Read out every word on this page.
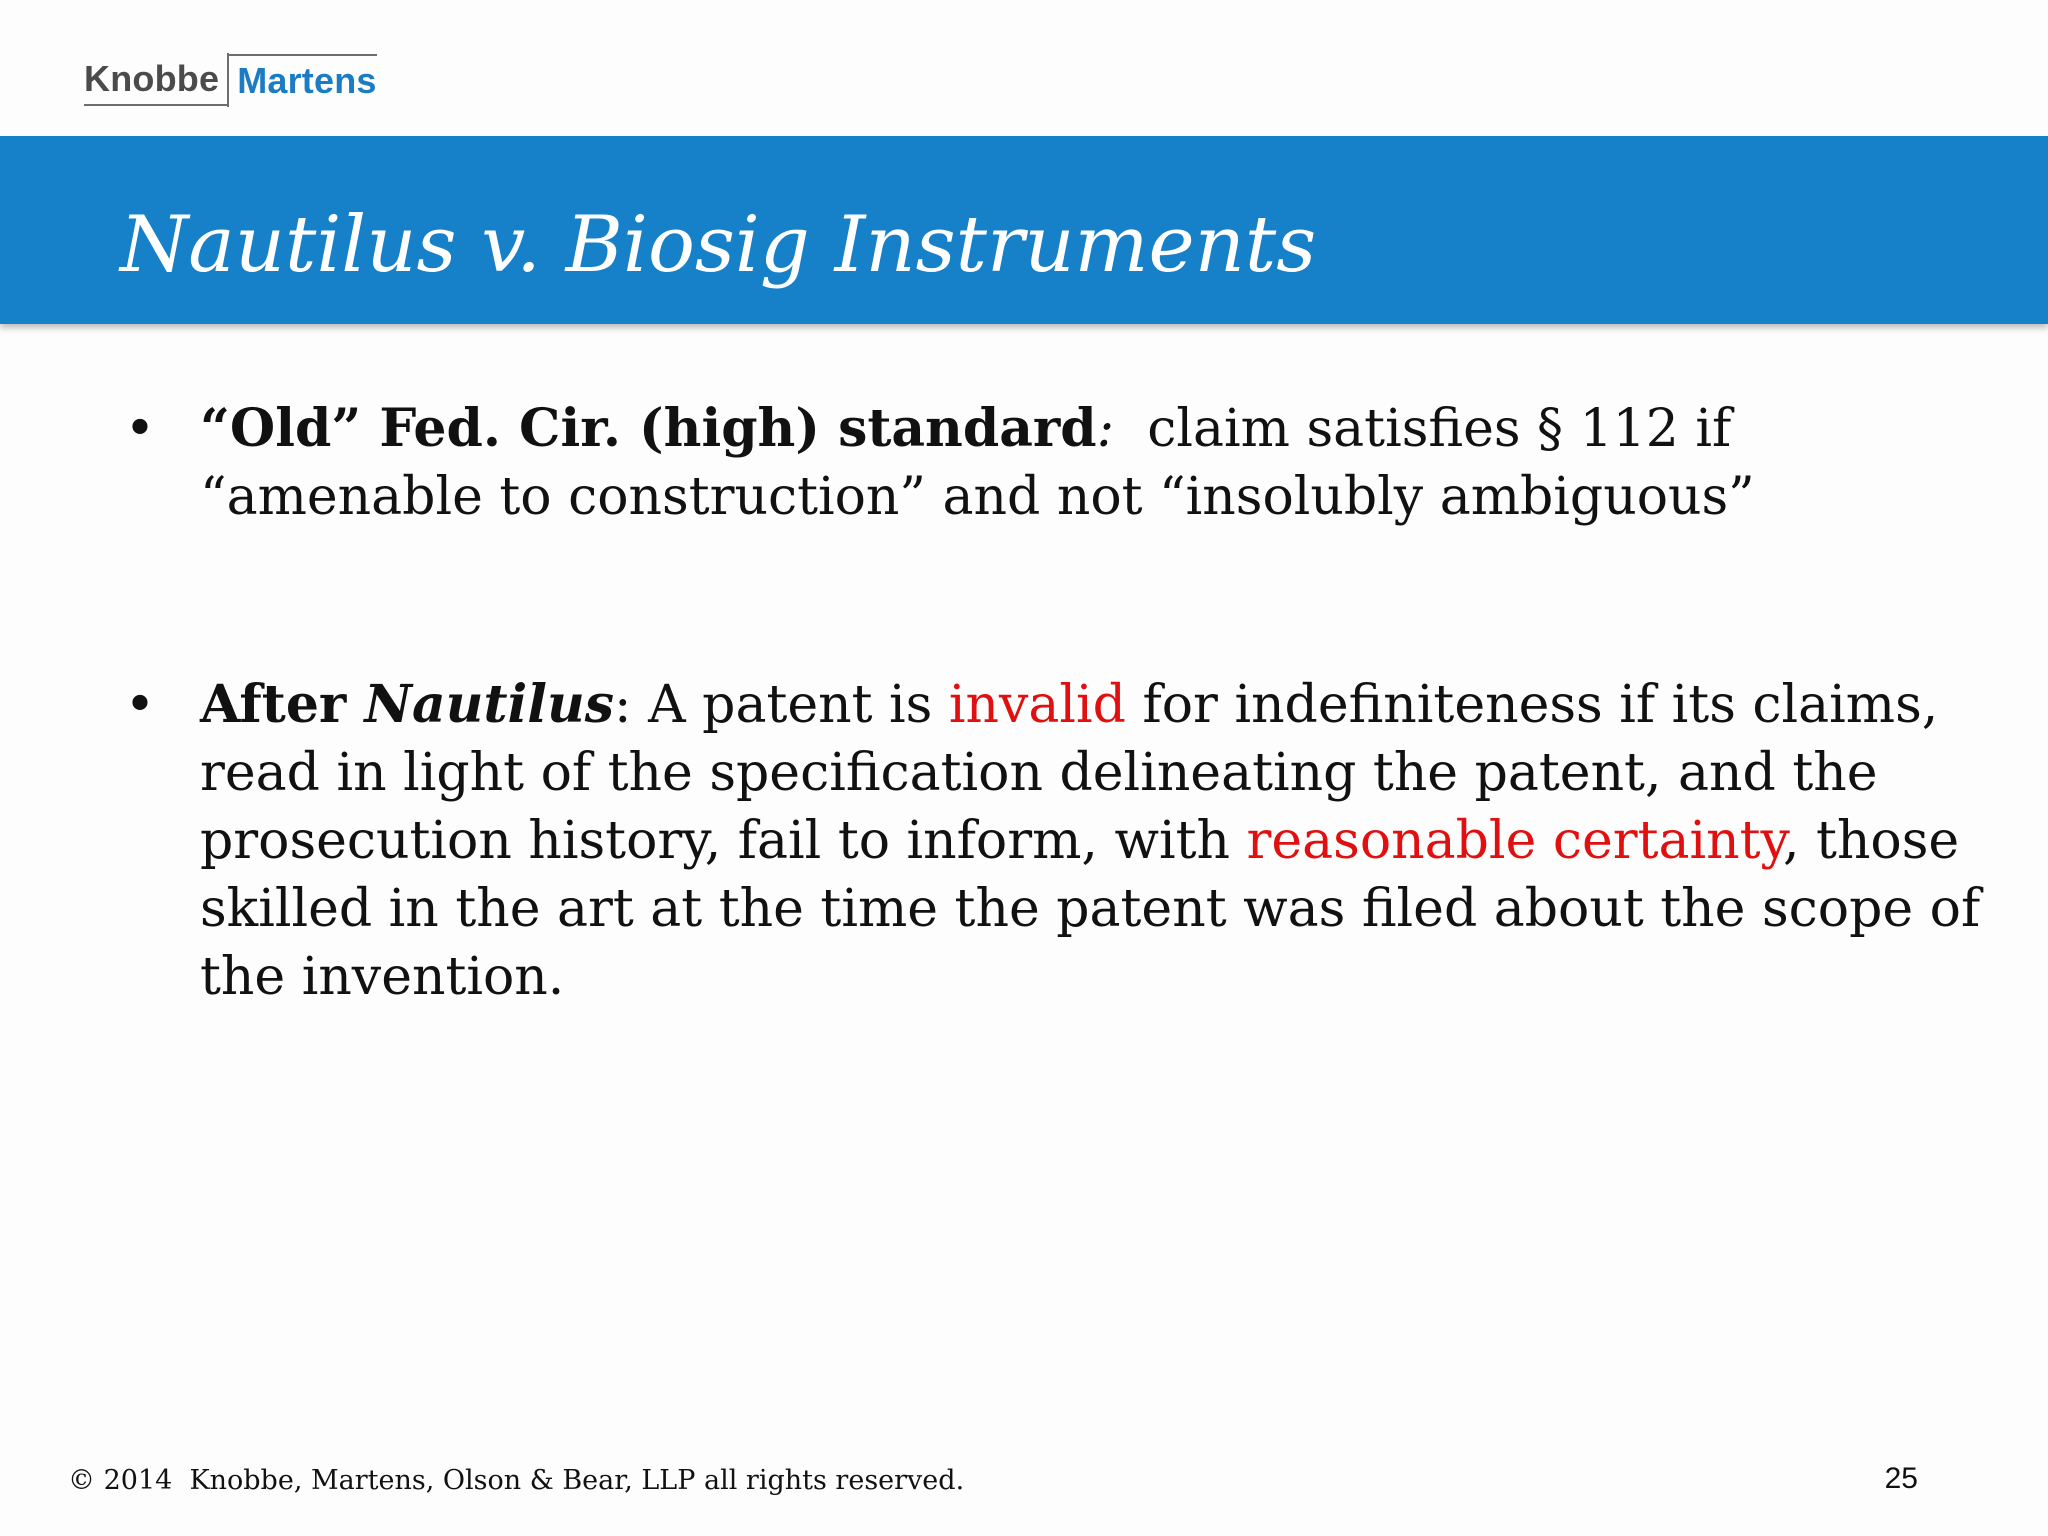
Knobbe Martens
Nautilus v. Biosig Instruments
• “Old” Fed. Cir. (high) standard:  claim satisfies § 112 if “amenable to construction” and not “insolubly ambiguous”
• After Nautilus: A patent is invalid for indefiniteness if its claims, read in light of the specification delineating the patent, and the prosecution history, fail to inform, with reasonable certainty, those skilled in the art at the time the patent was filed about the scope of the invention.
© 2014  Knobbe, Martens, Olson & Bear, LLP all rights reserved.	25
